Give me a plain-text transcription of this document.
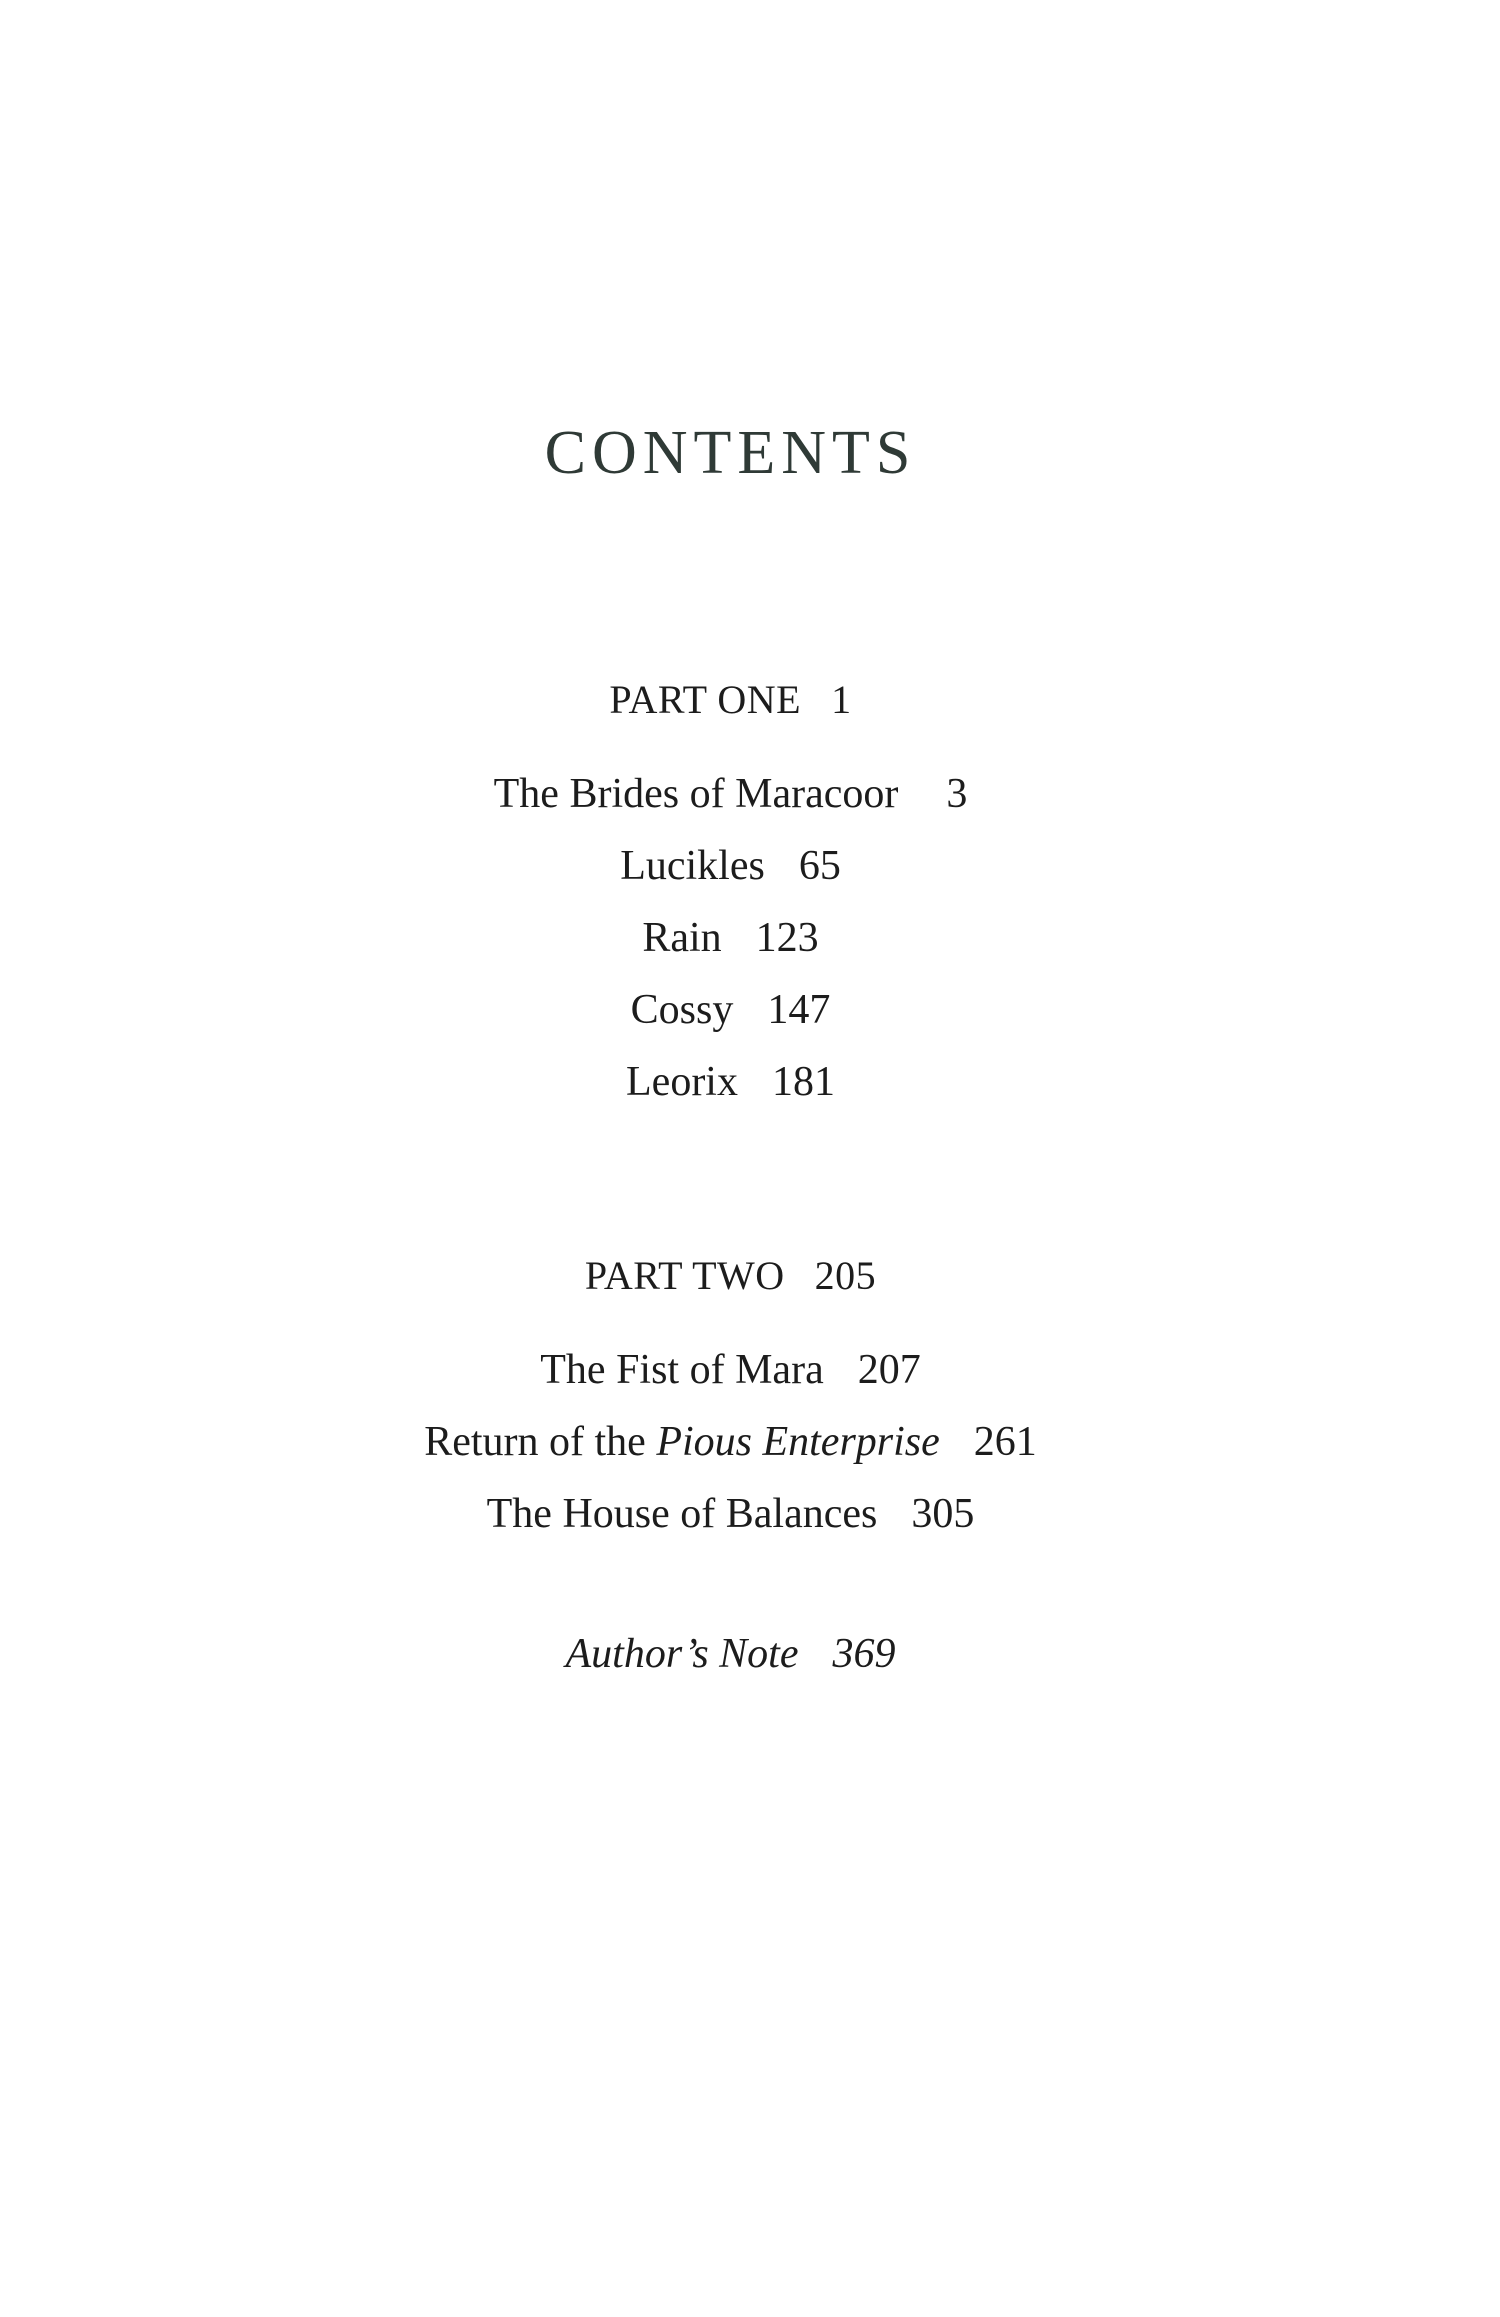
CONTENTS
PART ONE 1
The Brides of Maracoor 3
Lucikles 65
Rain 123
Cossy 147
Leorix 181
PART TWO 205
The Fist of Mara 207
Return of the Pious Enterprise 261
The House of Balances 305
Author’s Note 369
